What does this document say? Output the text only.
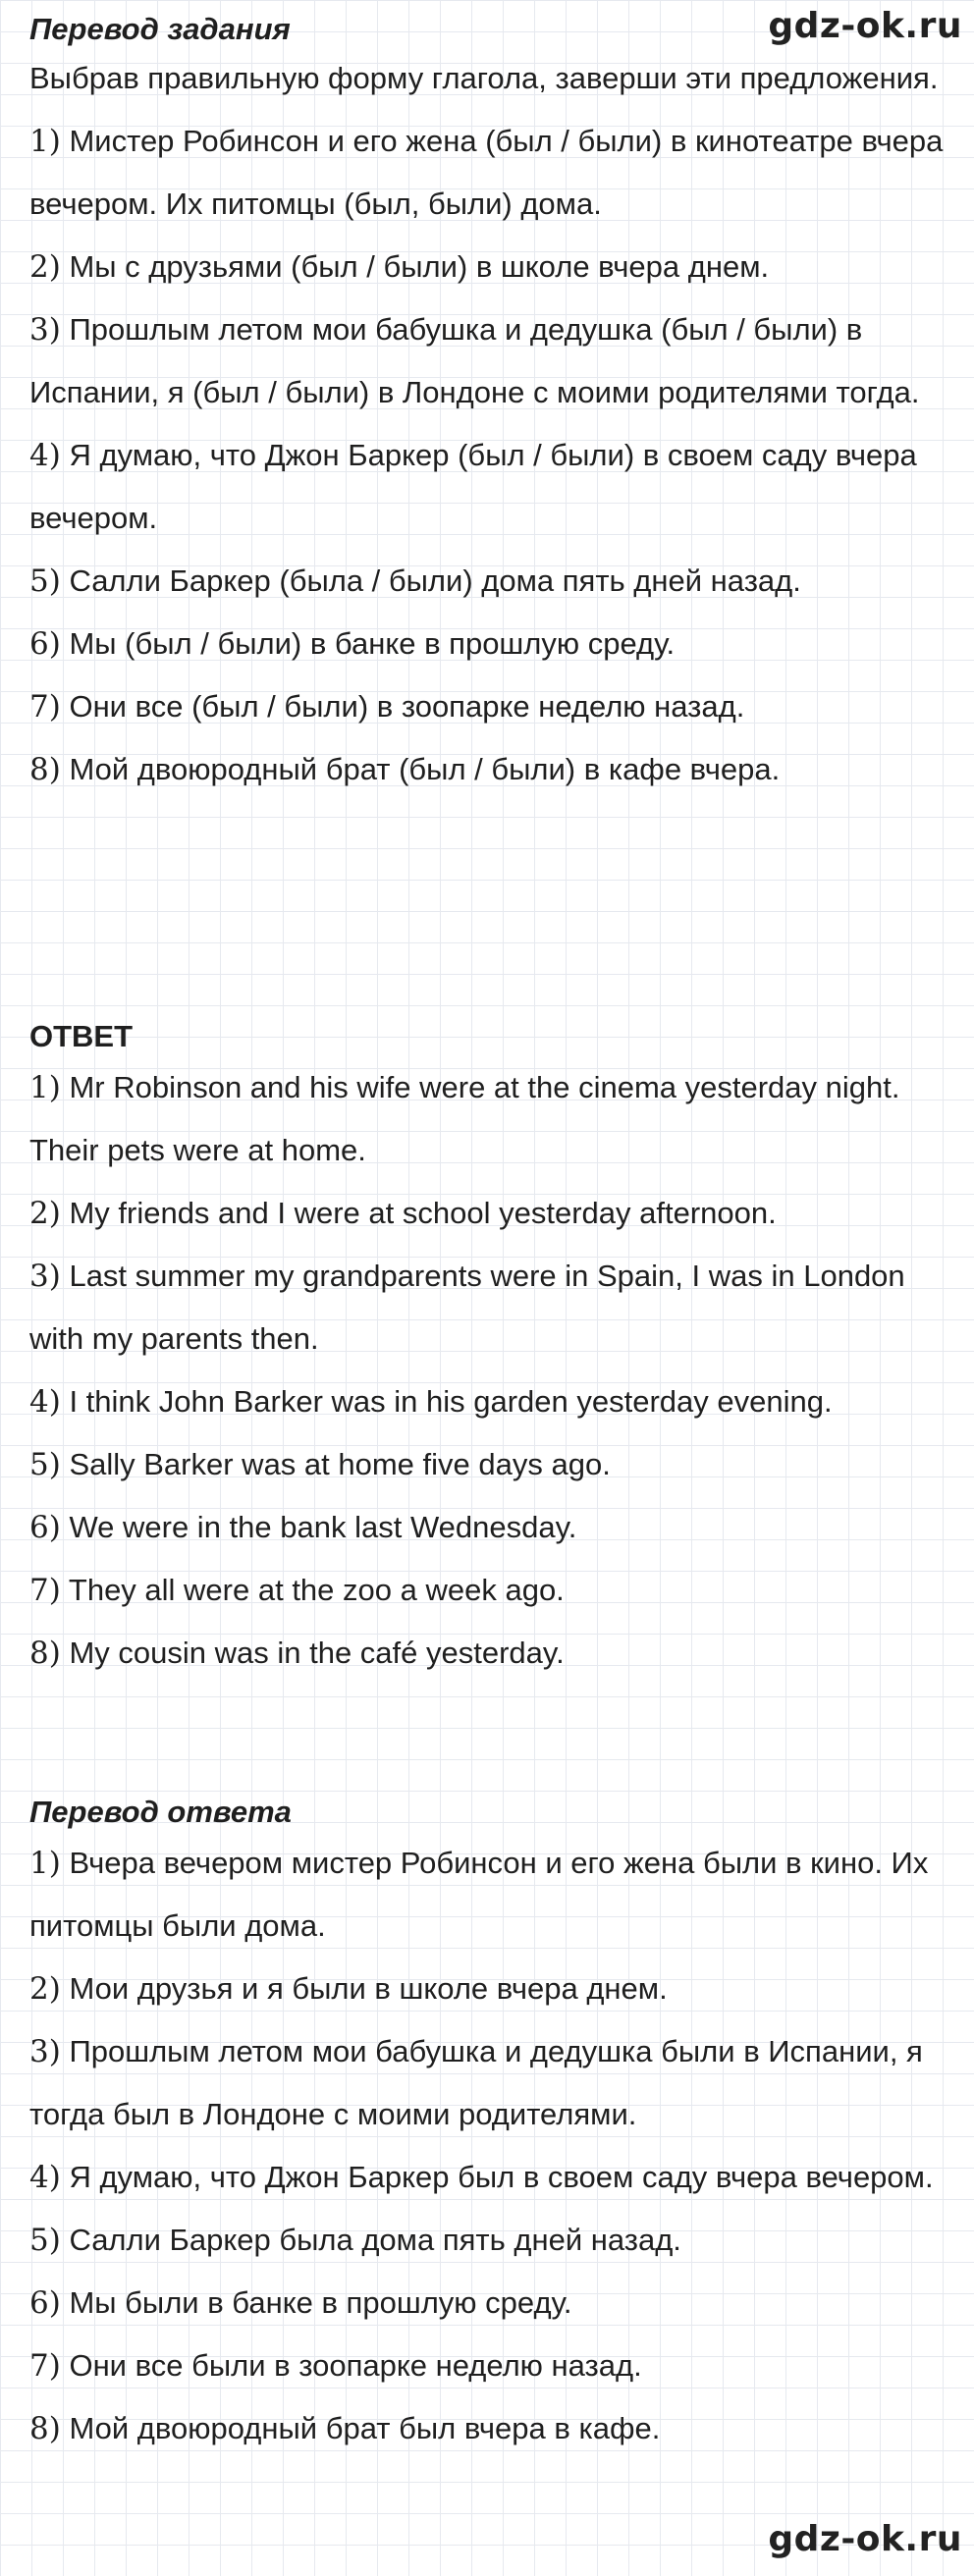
gdz-ok.ru
Перевод задания

Выбрав правильную форму глагола, заверши эти предложения.

1) Мистер Робинсон и его жена (был / были) в кинотеатре вчера вечером. Их питомцы (был, были) дома.

2) Мы с друзьями (был / были) в школе вчера днем.

3) Прошлым летом мои бабушка и дедушка (был / были) в Испании, я (был / были) в Лондоне с моими родителями тогда.

4) Я думаю, что Джон Баркер (был / были) в своем саду вчера вечером.

5) Салли Баркер (была / были) дома пять дней назад.

6) Мы (был / были) в банке в прошлую среду.

7) Они все (был / были) в зоопарке неделю назад.

8) Мой двоюродный брат (был / были) в кафе вчера.

ОТВЕТ

1) Mr Robinson and his wife were at the cinema yesterday night. Their pets were at home.

2) My friends and I were at school yesterday afternoon.

3) Last summer my grandparents were in Spain, I was in London with my parents then.

4) I think John Barker was in his garden yesterday evening.

5) Sally Barker was at home five days ago.

6) We were in the bank last Wednesday.

7) They all were at the zoo a week ago.

8) My cousin was in the café yesterday.

Перевод ответа

1) Вчера вечером мистер Робинсон и его жена были в кино. Их питомцы были дома.

2) Мои друзья и я были в школе вчера днем.

3) Прошлым летом мои бабушка и дедушка были в Испании, я тогда был в Лондоне с моими родителями.

4) Я думаю, что Джон Баркер был в своем саду вчера вечером.

5) Салли Баркер была дома пять дней назад.

6) Мы были в банке в прошлую среду.

7) Они все были в зоопарке неделю назад.

8) Мой двоюродный брат был вчера в кафе.

gdz-ok.ru
